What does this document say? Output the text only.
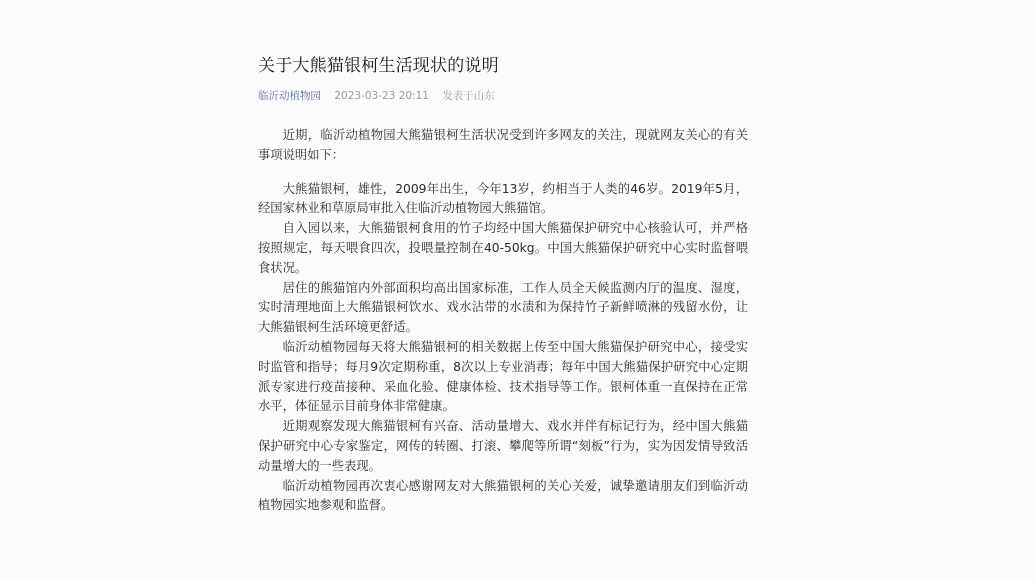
关于大熊猫银柯生活现状的说明
临沂动植物园 2023-03-23 20:11 发表于山东

近期，临沂动植物园大熊猫银柯生活状况受到许多网友的关注，现就网友关心的有关事项说明如下：

大熊猫银柯，雄性，2009年出生，今年13岁，约相当于人类的46岁。2019年5月，经国家林业和草原局审批入住临沂动植物园大熊猫馆。

自入园以来，大熊猫银柯食用的竹子均经中国大熊猫保护研究中心核验认可，并严格按照规定，每天喂食四次，投喂量控制在40-50kg。中国大熊猫保护研究中心实时监督喂食状况。

居住的熊猫馆内外部面积均高出国家标准，工作人员全天候监测内厅的温度、湿度，实时清理地面上大熊猫银柯饮水、戏水沾带的水渍和为保持竹子新鲜喷淋的残留水份，让大熊猫银柯生活环境更舒适。

临沂动植物园每天将大熊猫银柯的相关数据上传至中国大熊猫保护研究中心，接受实时监管和指导；每月9次定期称重，8次以上专业消毒；每年中国大熊猫保护研究中心定期派专家进行疫苗接种、采血化验、健康体检、技术指导等工作。银柯体重一直保持在正常水平，体征显示目前身体非常健康。

近期观察发现大熊猫银柯有兴奋、活动量增大、戏水并伴有标记行为，经中国大熊猫保护研究中心专家鉴定，网传的转圈、打滚、攀爬等所谓“刻板”行为，实为因发情导致活动量增大的一些表现。

临沂动植物园再次衷心感谢网友对大熊猫银柯的关心关爱，诚挚邀请朋友们到临沂动植物园实地参观和监督。
